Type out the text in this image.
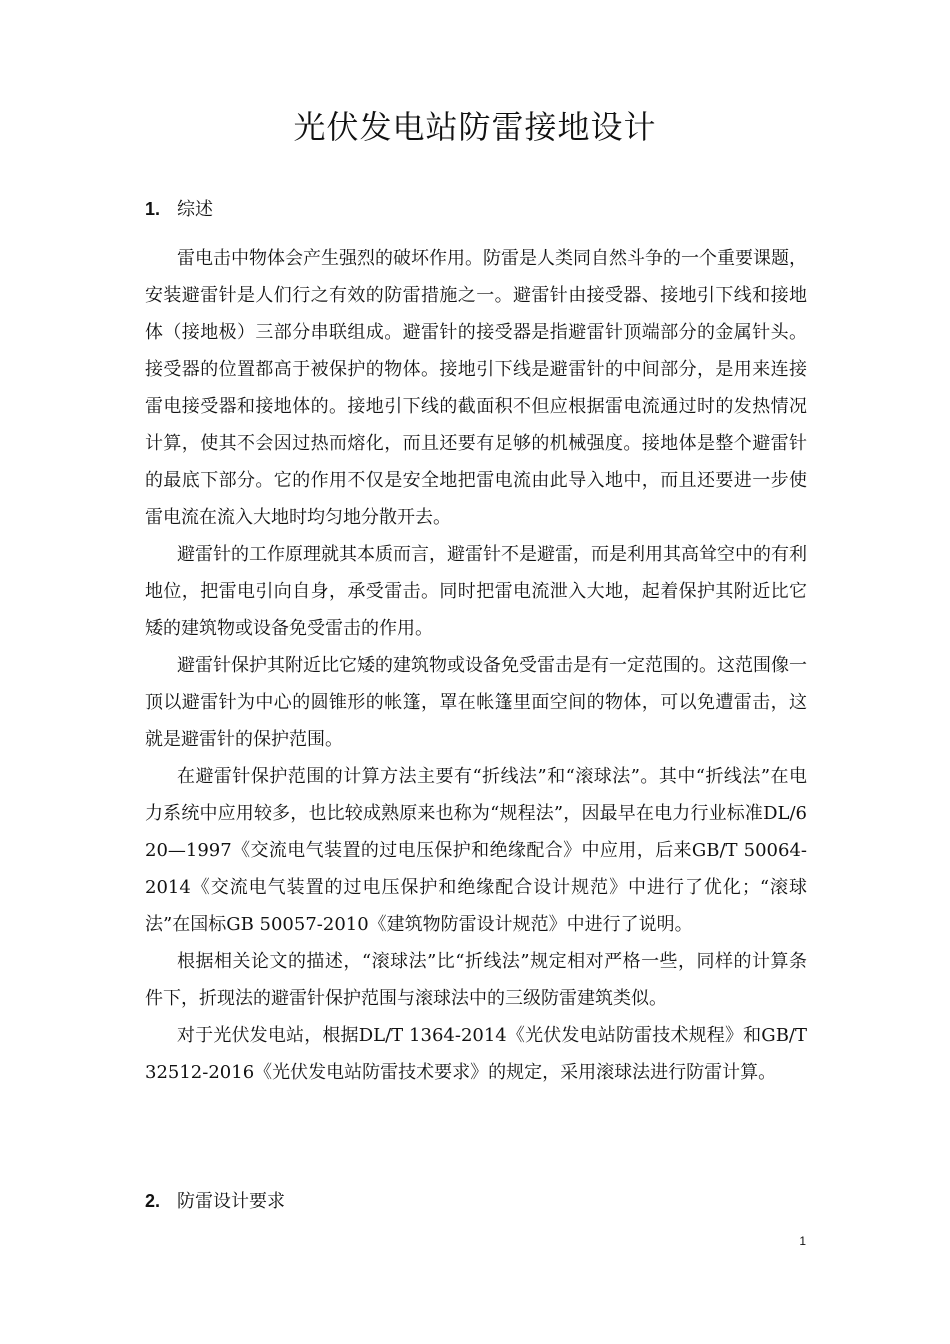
光伏发电站防雷接地设计
1. 综述

雷电击中物体会产生强烈的破坏作用。防雷是人类同自然斗争的一个重要课题，安装避雷针是人们行之有效的防雷措施之一。避雷针由接受器、接地引下线和接地体（接地极）三部分串联组成。避雷针的接受器是指避雷针顶端部分的金属针头。接受器的位置都高于被保护的物体。接地引下线是避雷针的中间部分，是用来连接雷电接受器和接地体的。接地引下线的截面积不但应根据雷电流通过时的发热情况计算，使其不会因过热而熔化，而且还要有足够的机械强度。接地体是整个避雷针的最底下部分。它的作用不仅是安全地把雷电流由此导入地中，而且还要进一步使雷电流在流入大地时均匀地分散开去。

避雷针的工作原理就其本质而言，避雷针不是避雷，而是利用其高耸空中的有利地位，把雷电引向自身，承受雷击。同时把雷电流泄入大地，起着保护其附近比它矮的建筑物或设备免受雷击的作用。

避雷针保护其附近比它矮的建筑物或设备免受雷击是有一定范围的。这范围像一顶以避雷针为中心的圆锥形的帐篷，罩在帐篷里面空间的物体，可以免遭雷击，这就是避雷针的保护范围。

在避雷针保护范围的计算方法主要有“折线法”和“滚球法”。其中“折线法”在电力系统中应用较多，也比较成熟原来也称为“规程法”，因最早在电力行业标准DL/620—1997《交流电气装置的过电压保护和绝缘配合》中应用，后来GB/T 50064-2014《交流电气装置的过电压保护和绝缘配合设计规范》中进行了优化；“滚球法”在国标GB 50057-2010《建筑物防雷设计规范》中进行了说明。

根据相关论文的描述，“滚球法”比“折线法”规定相对严格一些，同样的计算条件下，折现法的避雷针保护范围与滚球法中的三级防雷建筑类似。

对于光伏发电站，根据DL/T 1364-2014《光伏发电站防雷技术规程》和GB/T 32512-2016《光伏发电站防雷技术要求》的规定，采用滚球法进行防雷计算。

2. 防雷设计要求
1
